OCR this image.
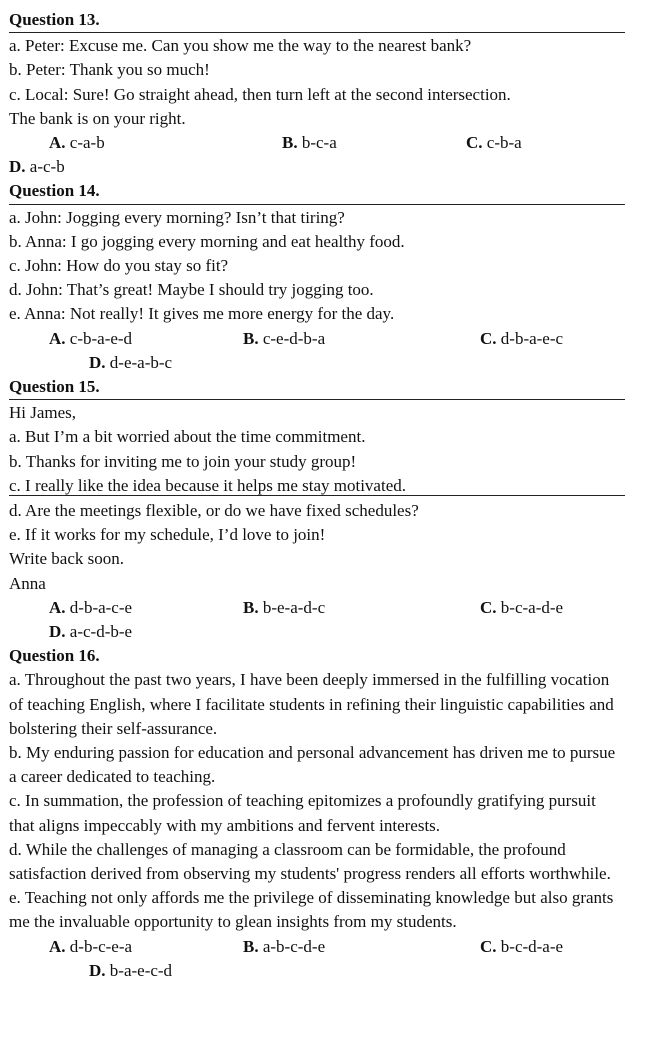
Question 13.
a. Peter: Excuse me. Can you show me the way to the nearest bank?
b. Peter: Thank you so much!
c. Local: Sure! Go straight ahead, then turn left at the second intersection.
The bank is on your right.
A. c-a-b	B. b-c-a	C. c-b-a
D. a-c-b
Question 14.
a. John: Jogging every morning? Isn’t that tiring?
b. Anna: I go jogging every morning and eat healthy food.
c. John: How do you stay so fit?
d. John: That’s great! Maybe I should try jogging too.
e. Anna: Not really! It gives me more energy for the day.
A. c-b-a-e-d	B. c-e-d-b-a	C. d-b-a-e-c
D. d-e-a-b-c
Question 15.
Hi James,
a. But I’m a bit worried about the time commitment.
b. Thanks for inviting me to join your study group!
c. I really like the idea because it helps me stay motivated.
d. Are the meetings flexible, or do we have fixed schedules?
e. If it works for my schedule, I’d love to join!
Write back soon.
Anna
A. d-b-a-c-e	B. b-e-a-d-c	C. b-c-a-d-e
D. a-c-d-b-e
Question 16.
a. Throughout the past two years, I have been deeply immersed in the fulfilling vocation of teaching English, where I facilitate students in refining their linguistic capabilities and bolstering their self-assurance.
b. My enduring passion for education and personal advancement has driven me to pursue a career dedicated to teaching.
c. In summation, the profession of teaching epitomizes a profoundly gratifying pursuit that aligns impeccably with my ambitions and fervent interests.
d. While the challenges of managing a classroom can be formidable, the profound satisfaction derived from observing my students' progress renders all efforts worthwhile.
e. Teaching not only affords me the privilege of disseminating knowledge but also grants me the invaluable opportunity to glean insights from my students.
A. d-b-c-e-a	B. a-b-c-d-e	C. b-c-d-a-e
D. b-a-e-c-d
